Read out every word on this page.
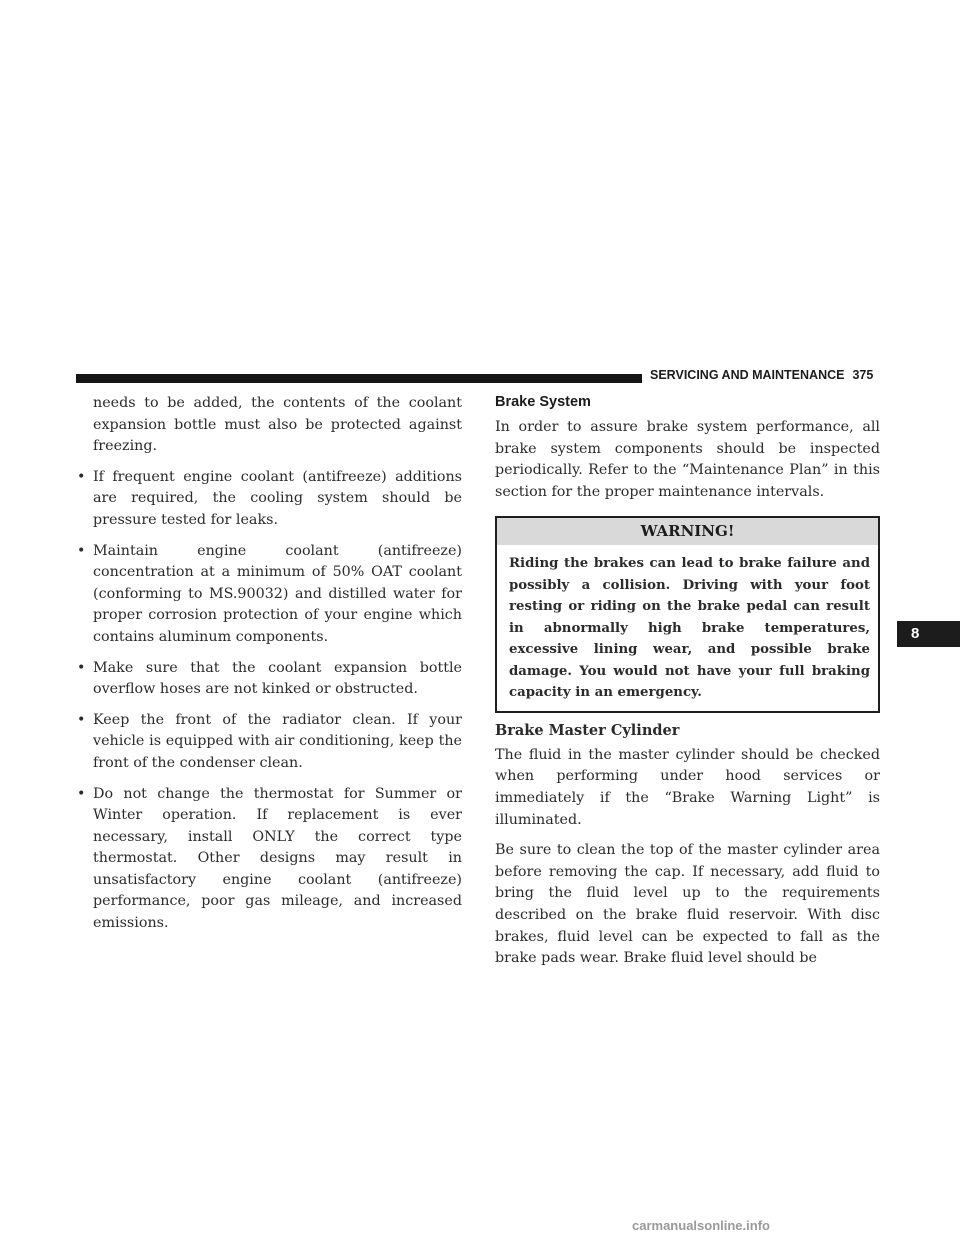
SERVICING AND MAINTENANCE 375

needs to be added, the contents of the coolant expansion bottle must also be protected against freezing.

• If frequent engine coolant (antifreeze) additions are required, the cooling system should be pressure tested for leaks.
• Maintain engine coolant (antifreeze) concentration at a minimum of 50% OAT coolant (conforming to MS.90032) and distilled water for proper corrosion protection of your engine which contains aluminum components.
• Make sure that the coolant expansion bottle overflow hoses are not kinked or obstructed.
• Keep the front of the radiator clean. If your vehicle is equipped with air conditioning, keep the front of the condenser clean.
• Do not change the thermostat for Summer or Winter operation. If replacement is ever necessary, install ONLY the correct type thermostat. Other designs may result in unsatisfactory engine coolant (antifreeze) performance, poor gas mileage, and increased emissions.
Brake System

In order to assure brake system performance, all brake system components should be inspected periodically. Refer to the “Maintenance Plan” in this section for the proper maintenance intervals.

WARNING!
Riding the brakes can lead to brake failure and possibly a collision. Driving with your foot resting or riding on the brake pedal can result in abnormally high brake temperatures, excessive lining wear, and possible brake damage. You would not have your full braking capacity in an emergency.
Brake Master Cylinder

The fluid in the master cylinder should be checked when performing under hood services or immediately if the “Brake Warning Light” is illuminated.

Be sure to clean the top of the master cylinder area before removing the cap. If necessary, add fluid to bring the fluid level up to the requirements described on the brake fluid reservoir. With disc brakes, fluid level can be expected to fall as the brake pads wear. Brake fluid level should be

8
carmanualsonline.info
